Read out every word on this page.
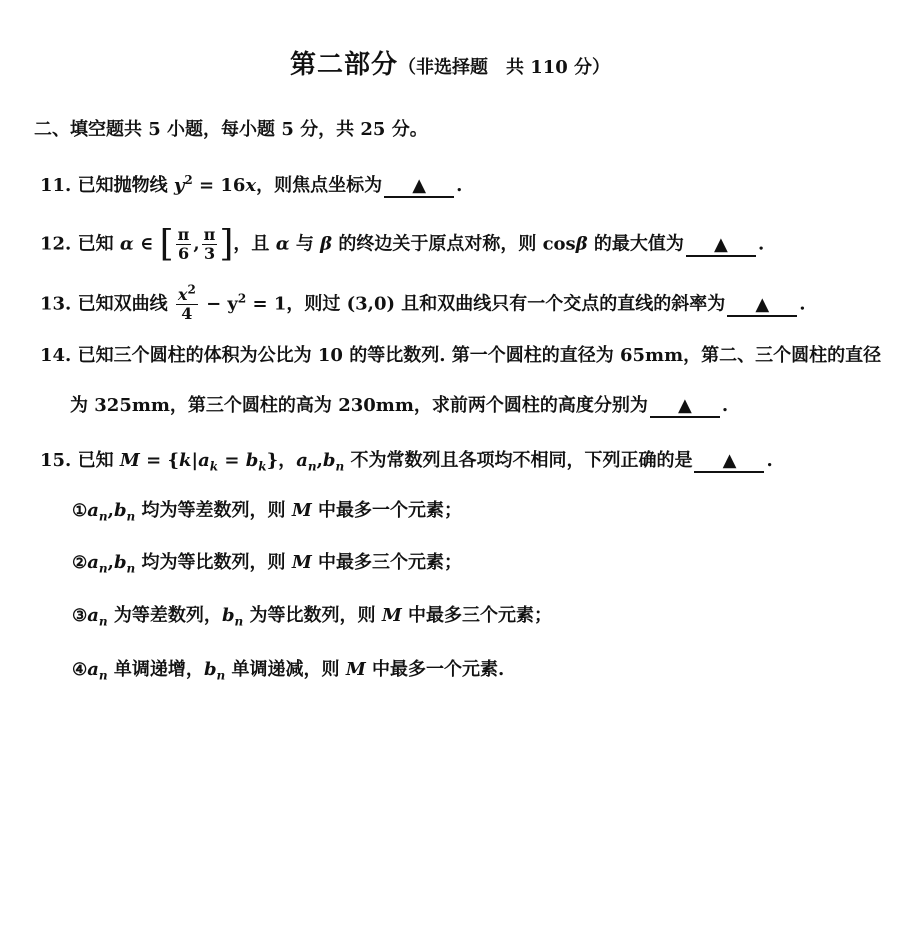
第二部分（非选择题　共 110 分）
二、填空题共 5 小题，每小题 5 分，共 25 分。
11. 已知抛物线 $y^2 = 16x$，则焦点坐标为 ▲ .
12. 已知 α ∈ [ $\frac{\pi}{6}$ , $\frac{\pi}{3}$ ]，且 α 与 β 的终边关于原点对称，则 cosβ 的最大值为 ▲ .
13. 已知双曲线 $\frac{x^2}{4} - y^2 = 1$，则过 (3,0) 且和双曲线只有一个交点的直线的斜率为 ▲ .
14. 已知三个圆柱的体积为公比为 10 的等比数列. 第一个圆柱的直径为 65mm，第二、三个圆柱的直径
为 325mm，第三个圆柱的高为 230mm，求前两个圆柱的高度分别为 ▲ .
15. 已知 $M = \{k|a_k = b_k\}$，$a_n,b_n$ 不为常数列且各项均不相同，下列正确的是 ▲ .
$①a_n,b_n$ 均为等差数列，则 M 中最多一个元素；
$②a_n,b_n$ 均为等比数列，则 M 中最多三个元素；
$③a_n$ 为等差数列，$b_n$ 为等比数列，则 M 中最多三个元素；
$④a_n$ 单调递增，$b_n$ 单调递减，则 M 中最多一个元素.
